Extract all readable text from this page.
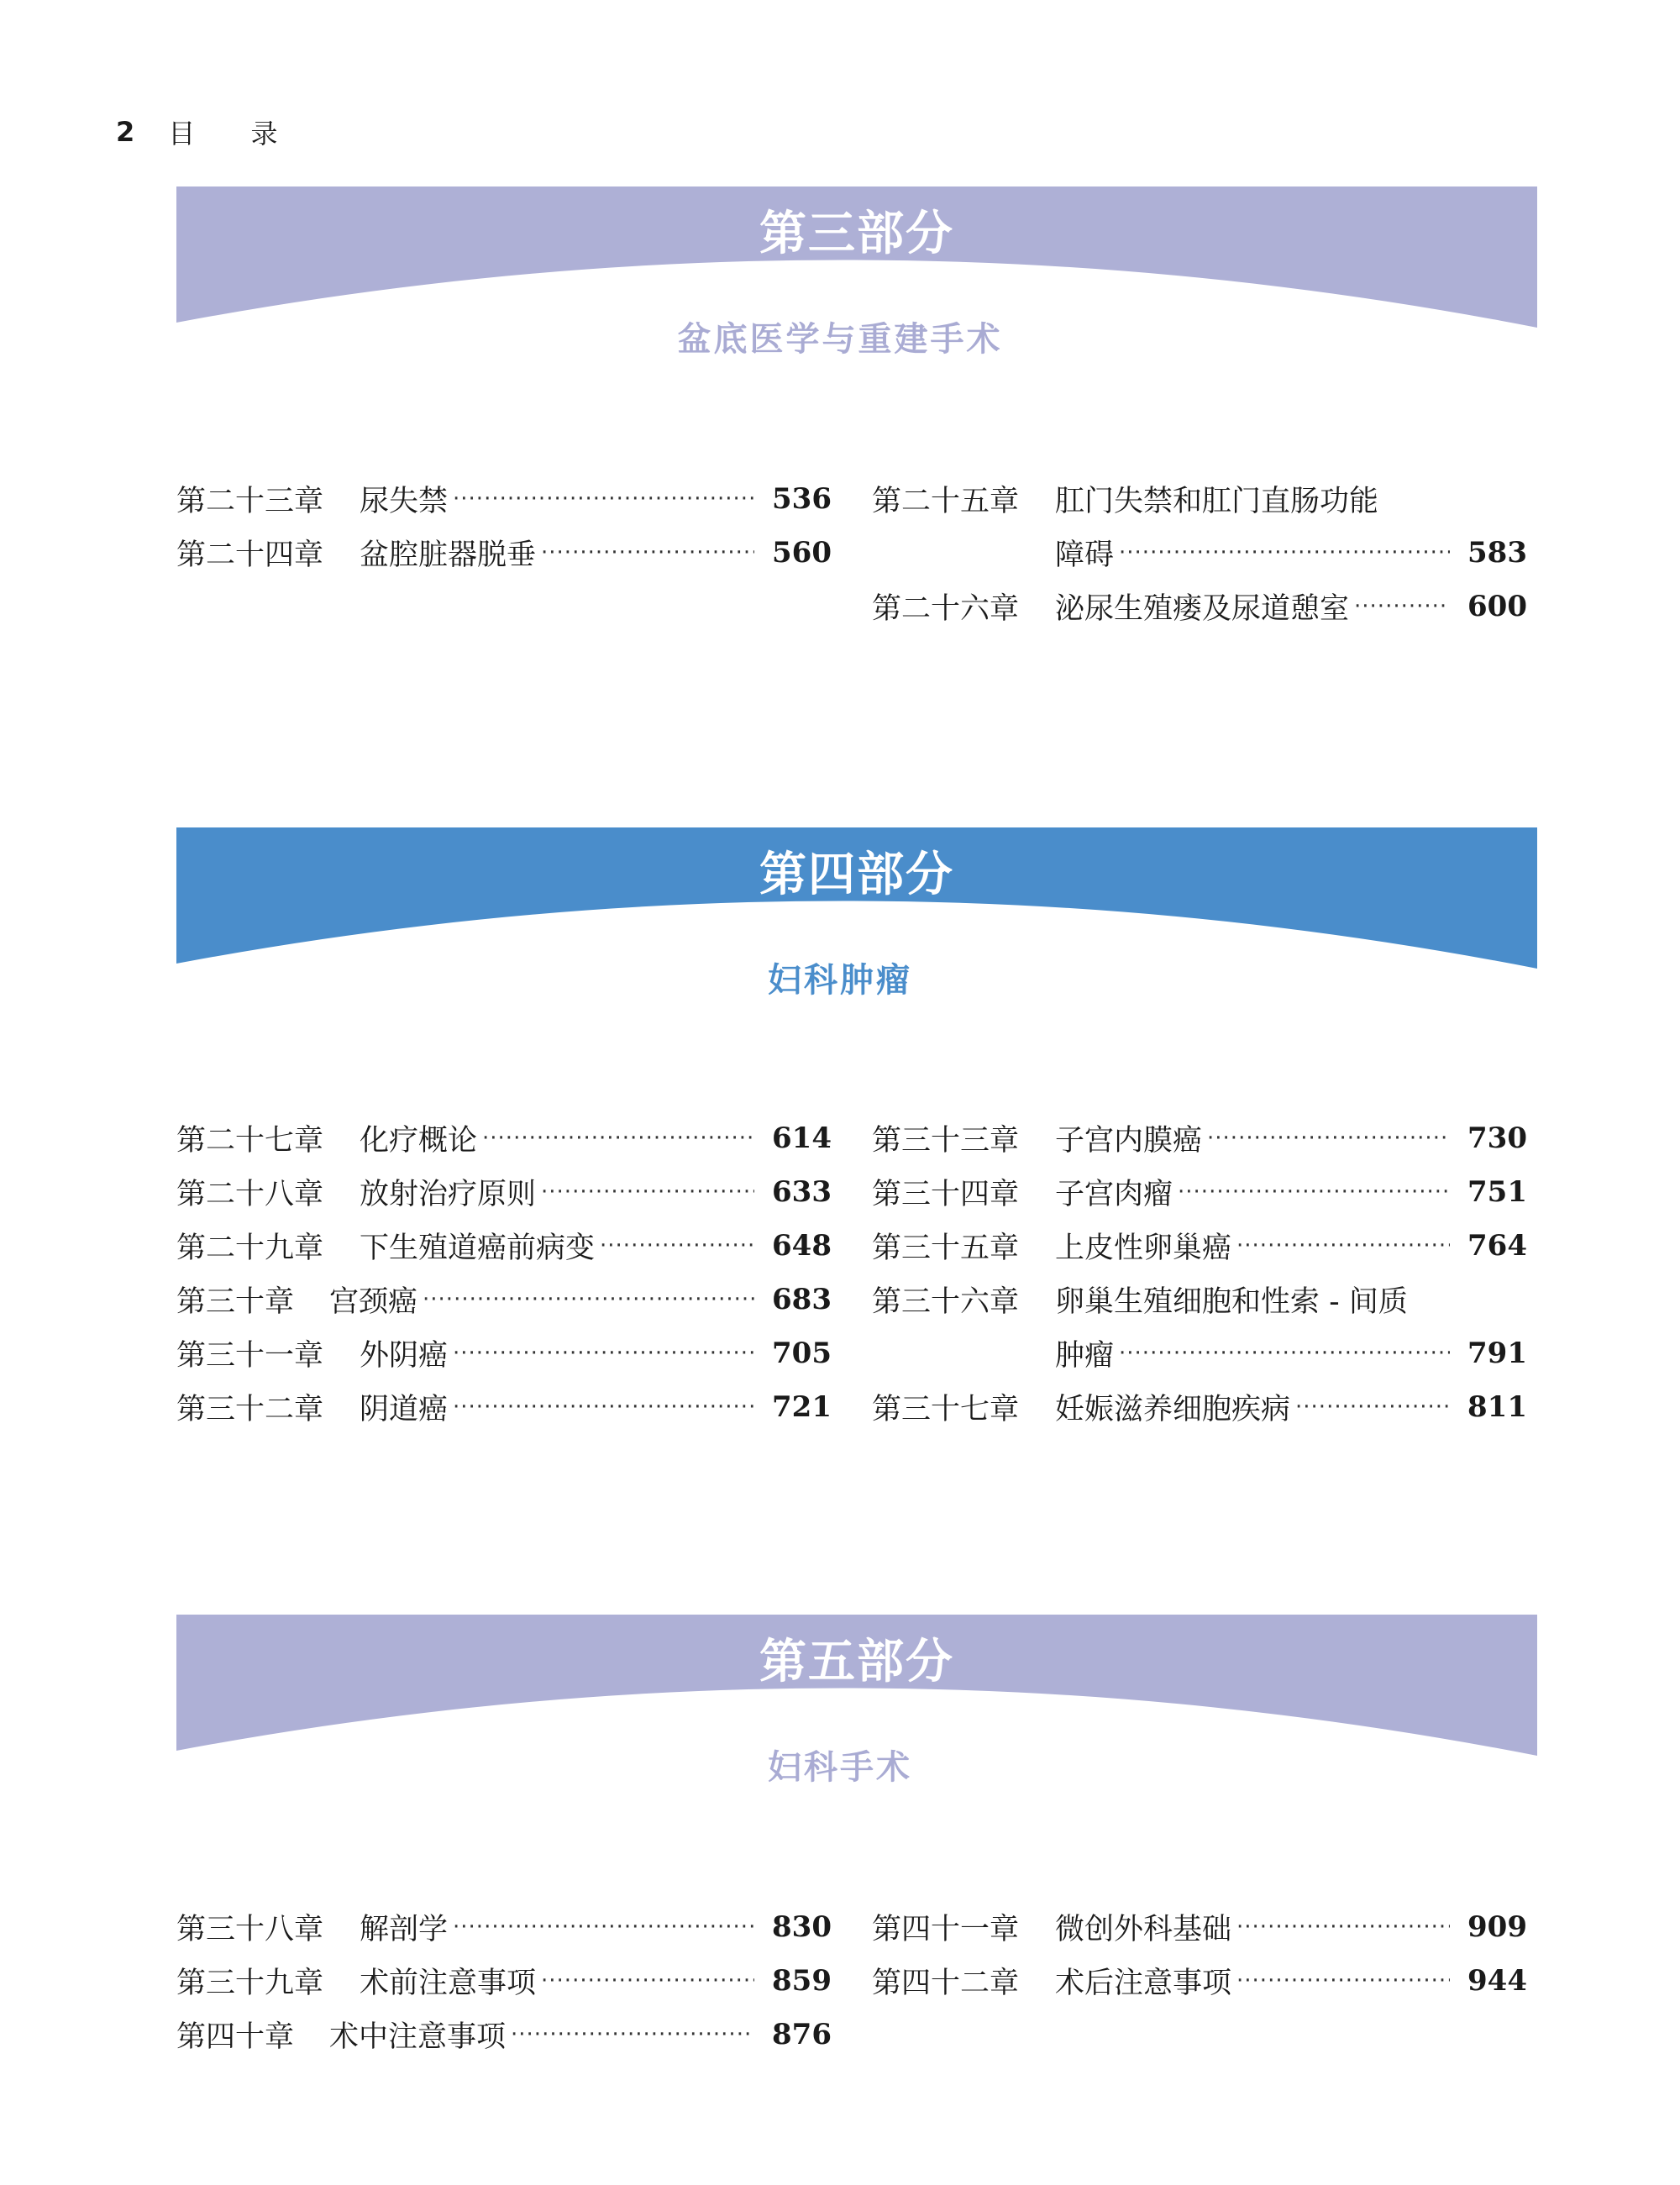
2 目 录
第三部分
盆底医学与重建手术
第二十三章	尿失禁 ·····	536
第二十四章	盆腔脏器脱垂 ·····	560
第二十五章	肛门失禁和肛门直肠功能
障碍 ·····	583
第二十六章	泌尿生殖瘘及尿道憩室 ·····	600
第四部分
妇科肿瘤
第二十七章	化疗概论 ·····	614
第二十八章	放射治疗原则 ·····	633
第二十九章	下生殖道癌前病变 ·····	648
第三十章	宫颈癌 ·····	683
第三十一章	外阴癌 ·····	705
第三十二章	阴道癌 ·····	721
第三十三章	子宫内膜癌 ·····	730
第三十四章	子宫肉瘤 ·····	751
第三十五章	上皮性卵巢癌 ·····	764
第三十六章	卵巢生殖细胞和性索 - 间质
肿瘤 ·····	791
第三十七章	妊娠滋养细胞疾病 ·····	811
第五部分
妇科手术
第三十八章	解剖学 ·····	830
第三十九章	术前注意事项 ·····	859
第四十章	术中注意事项 ·····	876
第四十一章	微创外科基础 ·····	909
第四十二章	术后注意事项 ·····	944
